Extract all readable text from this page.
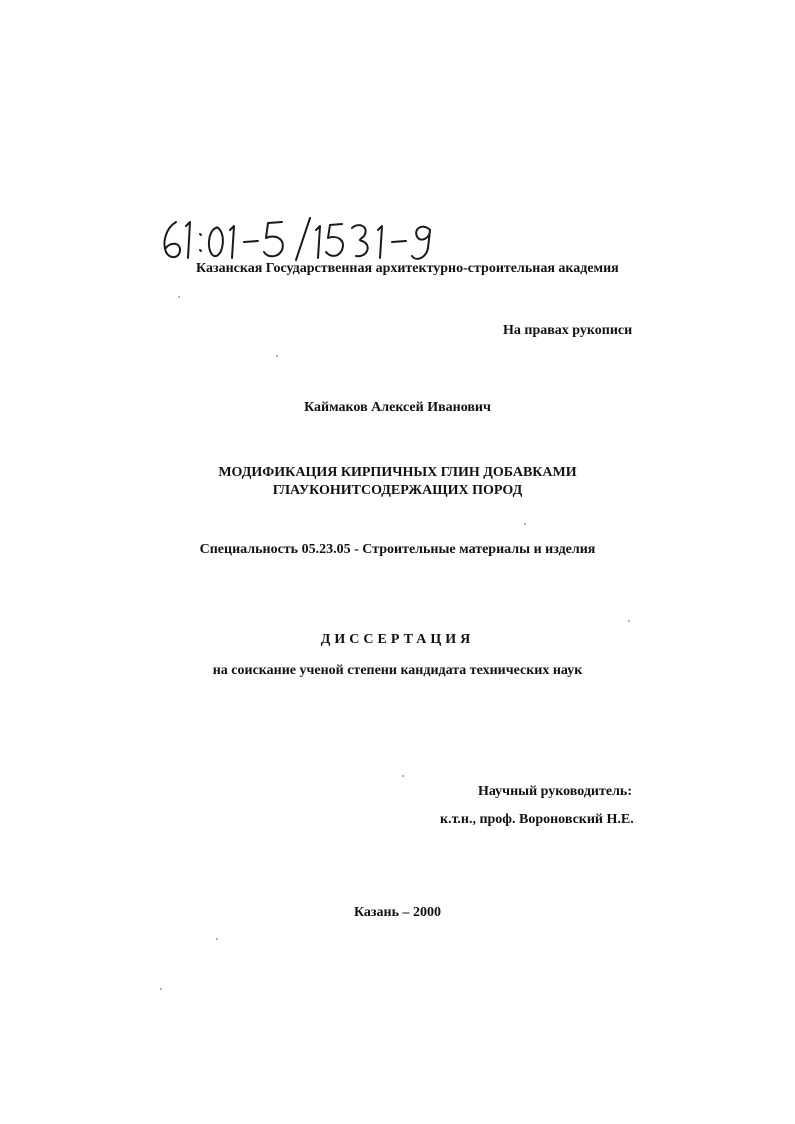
Казанская Государственная архитектурно-строительная академия
На правах рукописи
Каймаков Алексей Иванович
МОДИФИКАЦИЯ КИРПИЧНЫХ ГЛИН ДОБАВКАМИ
ГЛАУКОНИТСОДЕРЖАЩИХ ПОРОД
Специальность 05.23.05 - Строительные материалы и изделия
ДИССЕРТАЦИЯ
на соискание ученой степени кандидата технических наук
Научный руководитель:
к.т.н., проф. Вороновский Н.Е.
Казань – 2000
